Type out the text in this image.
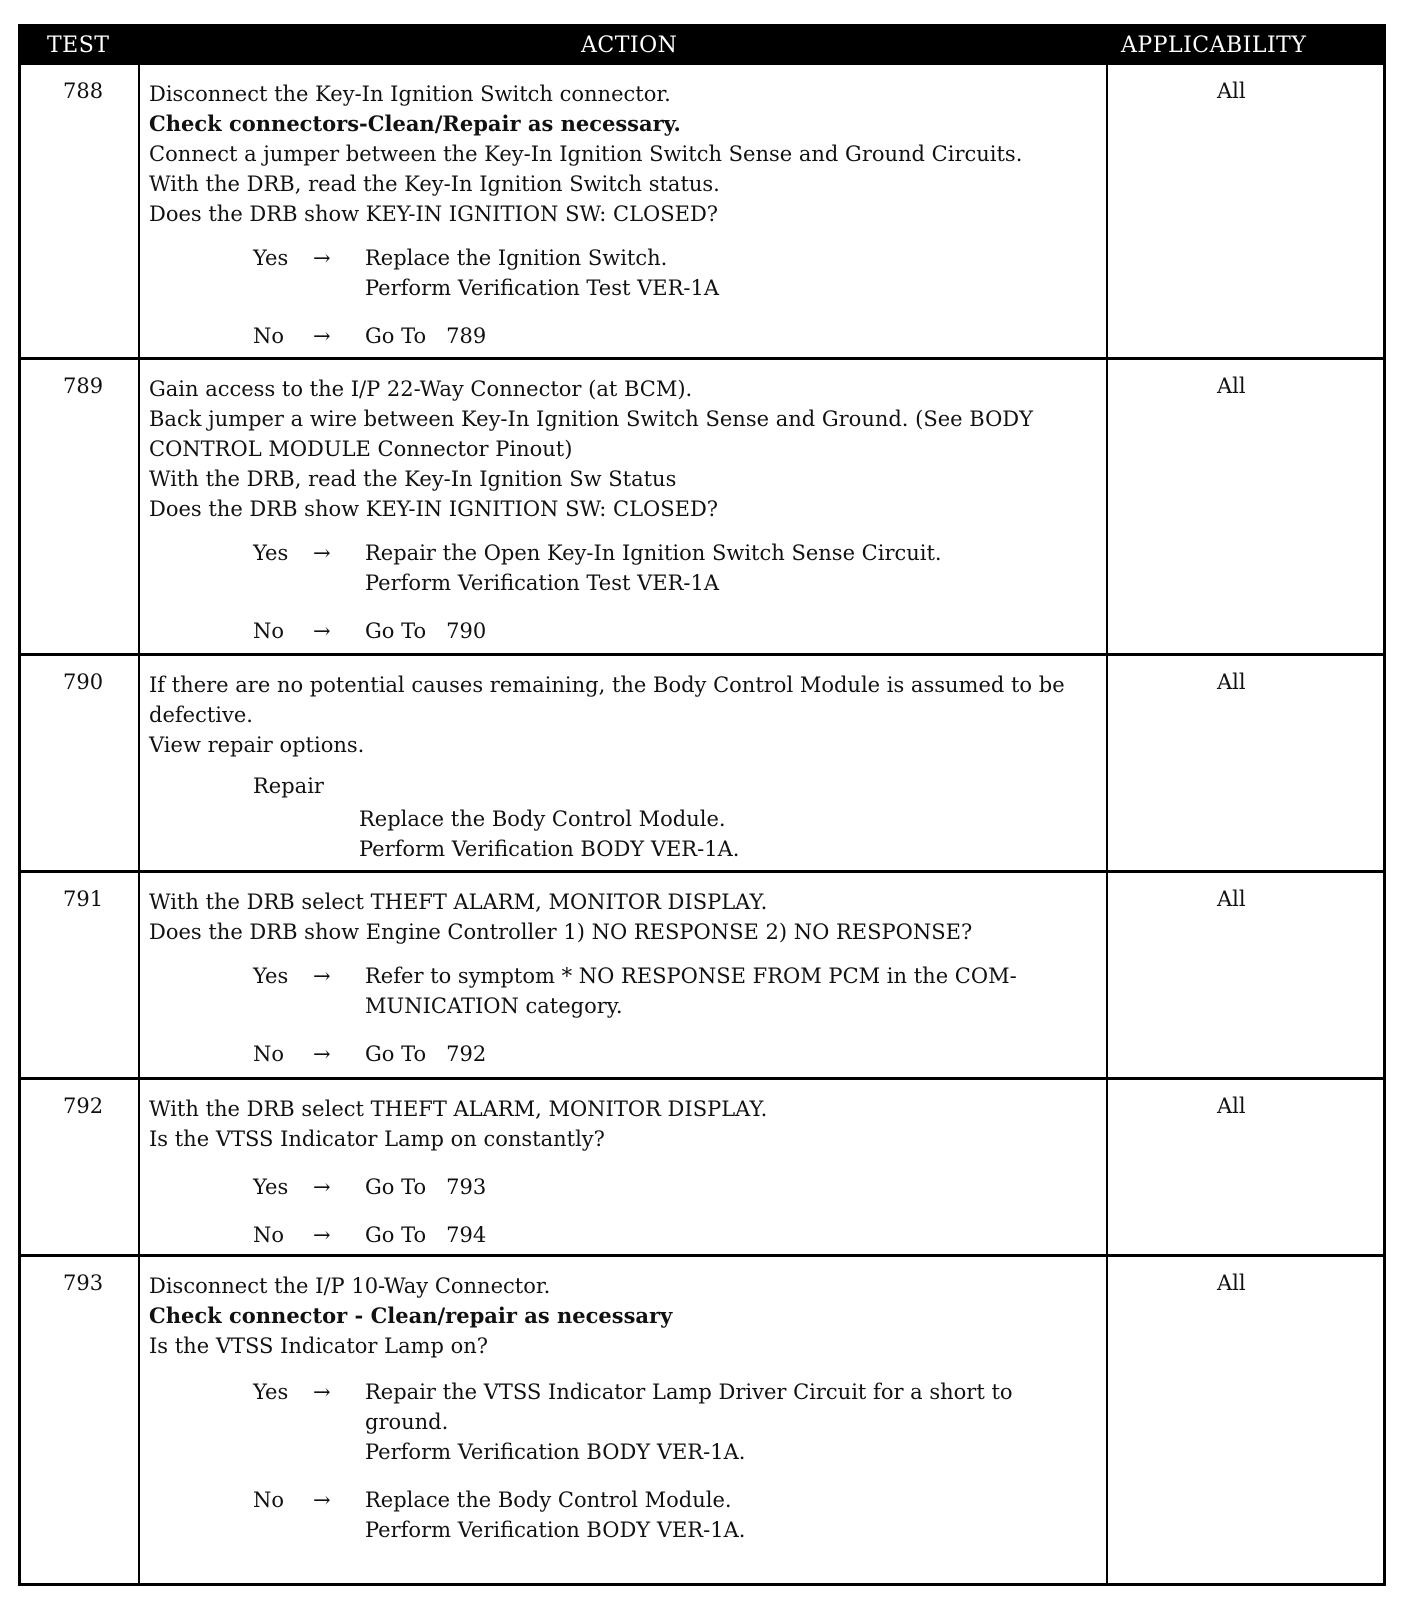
TEST	ACTION	APPLICABILITY
788 Disconnect the Key-In Ignition Switch connector.
Check connectors-Clean/Repair as necessary.
Connect a jumper between the Key-In Ignition Switch Sense and Ground Circuits.
With the DRB, read the Key-In Ignition Switch status.
Does the DRB show KEY-IN IGNITION SW: CLOSED?
Yes → Replace the Ignition Switch.
Perform Verification Test VER-1A
No → Go To   789
All
789 Gain access to the I/P 22-Way Connector (at BCM).
Back jumper a wire between Key-In Ignition Switch Sense and Ground. (See BODY
CONTROL MODULE Connector Pinout)
With the DRB, read the Key-In Ignition Sw Status
Does the DRB show KEY-IN IGNITION SW: CLOSED?
Yes → Repair the Open Key-In Ignition Switch Sense Circuit.
Perform Verification Test VER-1A
No → Go To   790
All
790 If there are no potential causes remaining, the Body Control Module is assumed to be
defective.
View repair options.
Repair
Replace the Body Control Module.
Perform Verification BODY VER-1A.
All
791 With the DRB select THEFT ALARM, MONITOR DISPLAY.
Does the DRB show Engine Controller 1) NO RESPONSE 2) NO RESPONSE?
Yes → Refer to symptom * NO RESPONSE FROM PCM in the COM-
MUNICATION category.
No → Go To   792
All
792 With the DRB select THEFT ALARM, MONITOR DISPLAY.
Is the VTSS Indicator Lamp on constantly?
Yes → Go To   793
No → Go To   794
All
793 Disconnect the I/P 10-Way Connector.
Check connector - Clean/repair as necessary
Is the VTSS Indicator Lamp on?
Yes → Repair the VTSS Indicator Lamp Driver Circuit for a short to
ground.
Perform Verification BODY VER-1A.
No → Replace the Body Control Module.
Perform Verification BODY VER-1A.
All
